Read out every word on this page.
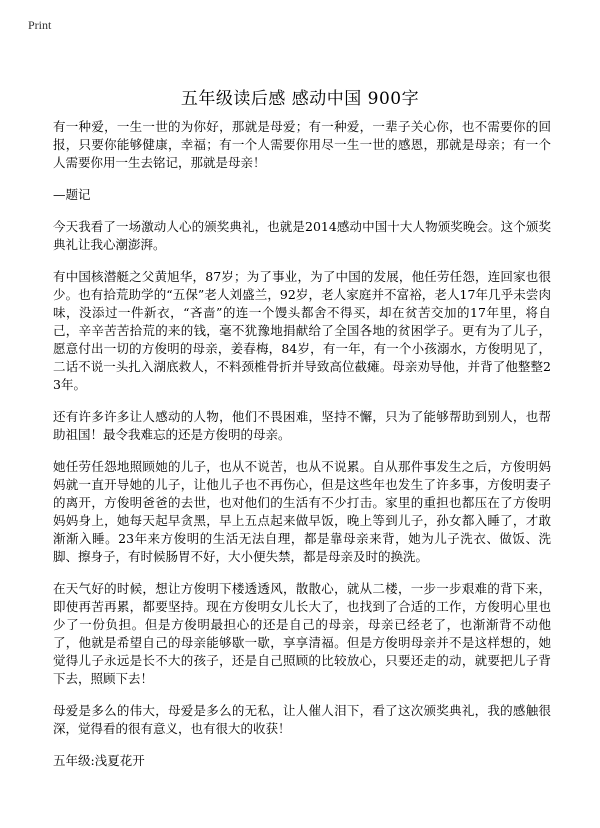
Print
五年级读后感 感动中国 900字

有一种爱，一生一世的为你好，那就是母爱；有一种爱，一辈子关心你，也不需要你的回报，只要你能够健康，幸福；有一个人需要你用尽一生一世的感恩，那就是母亲；有一个人需要你用一生去铭记，那就是母亲！

—题记

今天我看了一场激动人心的颁奖典礼，也就是2014感动中国十大人物颁奖晚会。这个颁奖典礼让我心潮澎湃。

有中国核潜艇之父黄旭华，87岁；为了事业，为了中国的发展，他任劳任怨，连回家也很少。也有拾荒助学的“五保”老人刘盛兰，92岁，老人家庭并不富裕，老人17年几乎未尝肉味，没添过一件新衣，“吝啬”的连一个馒头都舍不得买，却在贫苦交加的17年里，将自己，辛辛苦苦拾荒的来的钱，毫不犹豫地捐献给了全国各地的贫困学子。更有为了儿子，愿意付出一切的方俊明的母亲，姜春梅，84岁，有一年，有一个小孩溺水，方俊明见了，二话不说一头扎入湖底救人，不料颈椎骨折并导致高位截瘫。母亲劝导他，并背了他整整23年。

还有许多许多让人感动的人物，他们不畏困难，坚持不懈，只为了能够帮助到别人，也帮助祖国！最令我难忘的还是方俊明的母亲。

她任劳任怨地照顾她的儿子，也从不说苦，也从不说累。自从那件事发生之后，方俊明妈妈就一直开导她的儿子，让他儿子也不再伤心，但是这些年也发生了许多事，方俊明妻子的离开，方俊明爸爸的去世，也对他们的生活有不少打击。家里的重担也都压在了方俊明妈妈身上，她每天起早贪黑，早上五点起来做早饭，晚上等到儿子，孙女都入睡了，才敢渐渐入睡。23年来方俊明的生活无法自理，都是靠母亲来背，她为儿子洗衣、做饭、洗脚、擦身子，有时候肠胃不好，大小便失禁，都是母亲及时的换洗。

在天气好的时候，想让方俊明下楼透透风，散散心，就从二楼，一步一步艰难的背下来，即使再苦再累，都要坚持。现在方俊明女儿长大了，也找到了合适的工作，方俊明心里也少了一份负担。但是方俊明最担心的还是自己的母亲，母亲已经老了，也渐渐背不动他了，他就是希望自己的母亲能够歇一歇，享享清福。但是方俊明母亲并不是这样想的，她觉得儿子永远是长不大的孩子，还是自己照顾的比较放心，只要还走的动，就要把儿子背下去，照顾下去！

母爱是多么的伟大，母爱是多么的无私，让人催人泪下，看了这次颁奖典礼，我的感触很深，觉得看的很有意义，也有很大的收获！

五年级:浅夏花开
